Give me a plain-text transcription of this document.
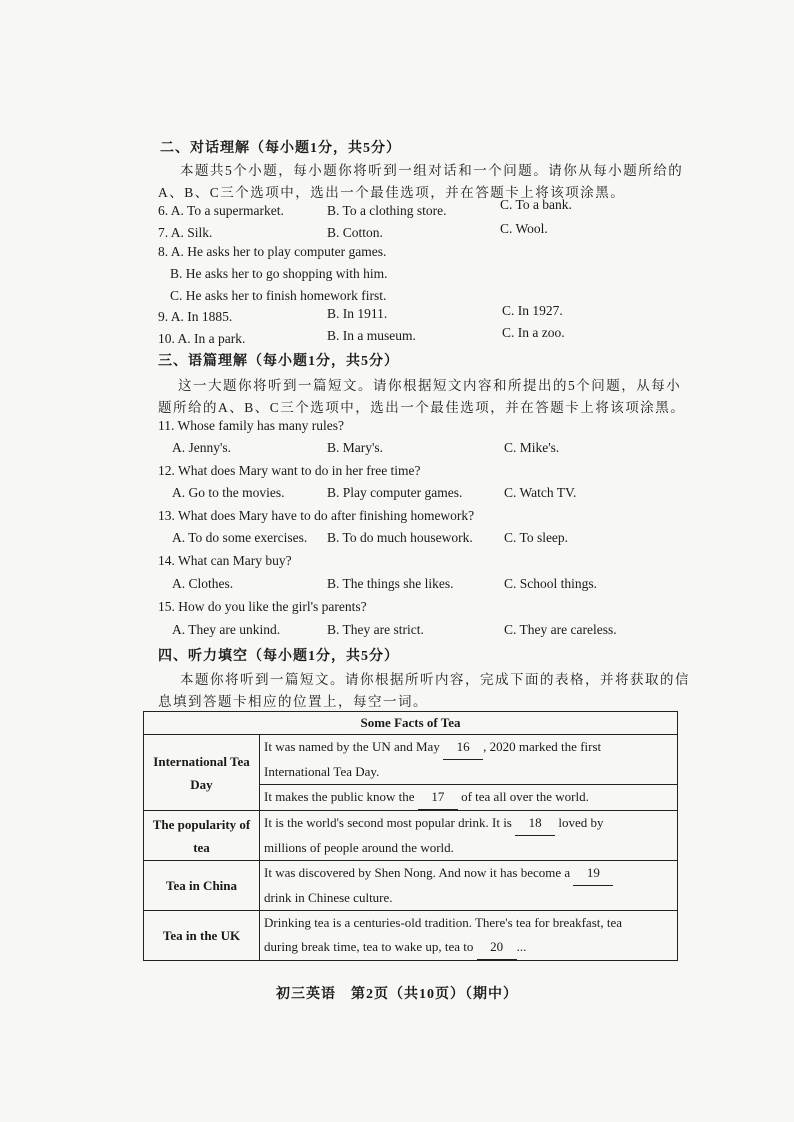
二、对话理解（每小题1分，共5分）
本题共5个小题，每小题你将听到一组对话和一个问题。请你从每小题所给的
A、B、C三个选项中，选出一个最佳选项，并在答题卡上将该项涂黑。
6. A. To a supermarket.	B. To a clothing store.	C. To a bank.
7. A. Silk.	B. Cotton.	C. Wool.
8. A. He asks her to play computer games.
B. He asks her to go shopping with him.
C. He asks her to finish homework first.
9. A. In 1885.	B. In 1911.	C. In 1927.
10. A. In a park.	B. In a museum.	C. In a zoo.
三、语篇理解（每小题1分，共5分）
这一大题你将听到一篇短文。请你根据短文内容和所提出的5个问题，从每小
题所给的A、B、C三个选项中，选出一个最佳选项，并在答题卡上将该项涂黑。
11. Whose family has many rules?
A. Jenny's.	B. Mary's.	C. Mike's.
12. What does Mary want to do in her free time?
A. Go to the movies.	B. Play computer games.	C. Watch TV.
13. What does Mary have to do after finishing homework?
A. To do some exercises. B. To do much housework. C. To sleep.
14. What can Mary buy?
A. Clothes.	B. The things she likes.	C. School things.
15. How do you like the girl's parents?
A. They are unkind.	B. They are strict.	C. They are careless.
四、听力填空（每小题1分，共5分）
本题你将听到一篇短文。请你根据所听内容，完成下面的表格，并将获取的信
息填到答题卡相应的位置上，每空一词。
Some Facts of Tea	
International Tea Day	It was named by the UN and May 16 , 2020 marked the first
International Tea Day.
	It makes the public know the 17 of tea all over the world.
The popularity of tea	It is the world's second most popular drink. It is 18 loved by
millions of people around the world.
Tea in China	It was discovered by Shen Nong. And now it has become a 19
drink in Chinese culture.
Tea in the UK	Drinking tea is a centuries-old tradition. There's tea for breakfast, tea
during break time, tea to wake up, tea to 20 ...
初三英语　第2页（共10页）（期中）
